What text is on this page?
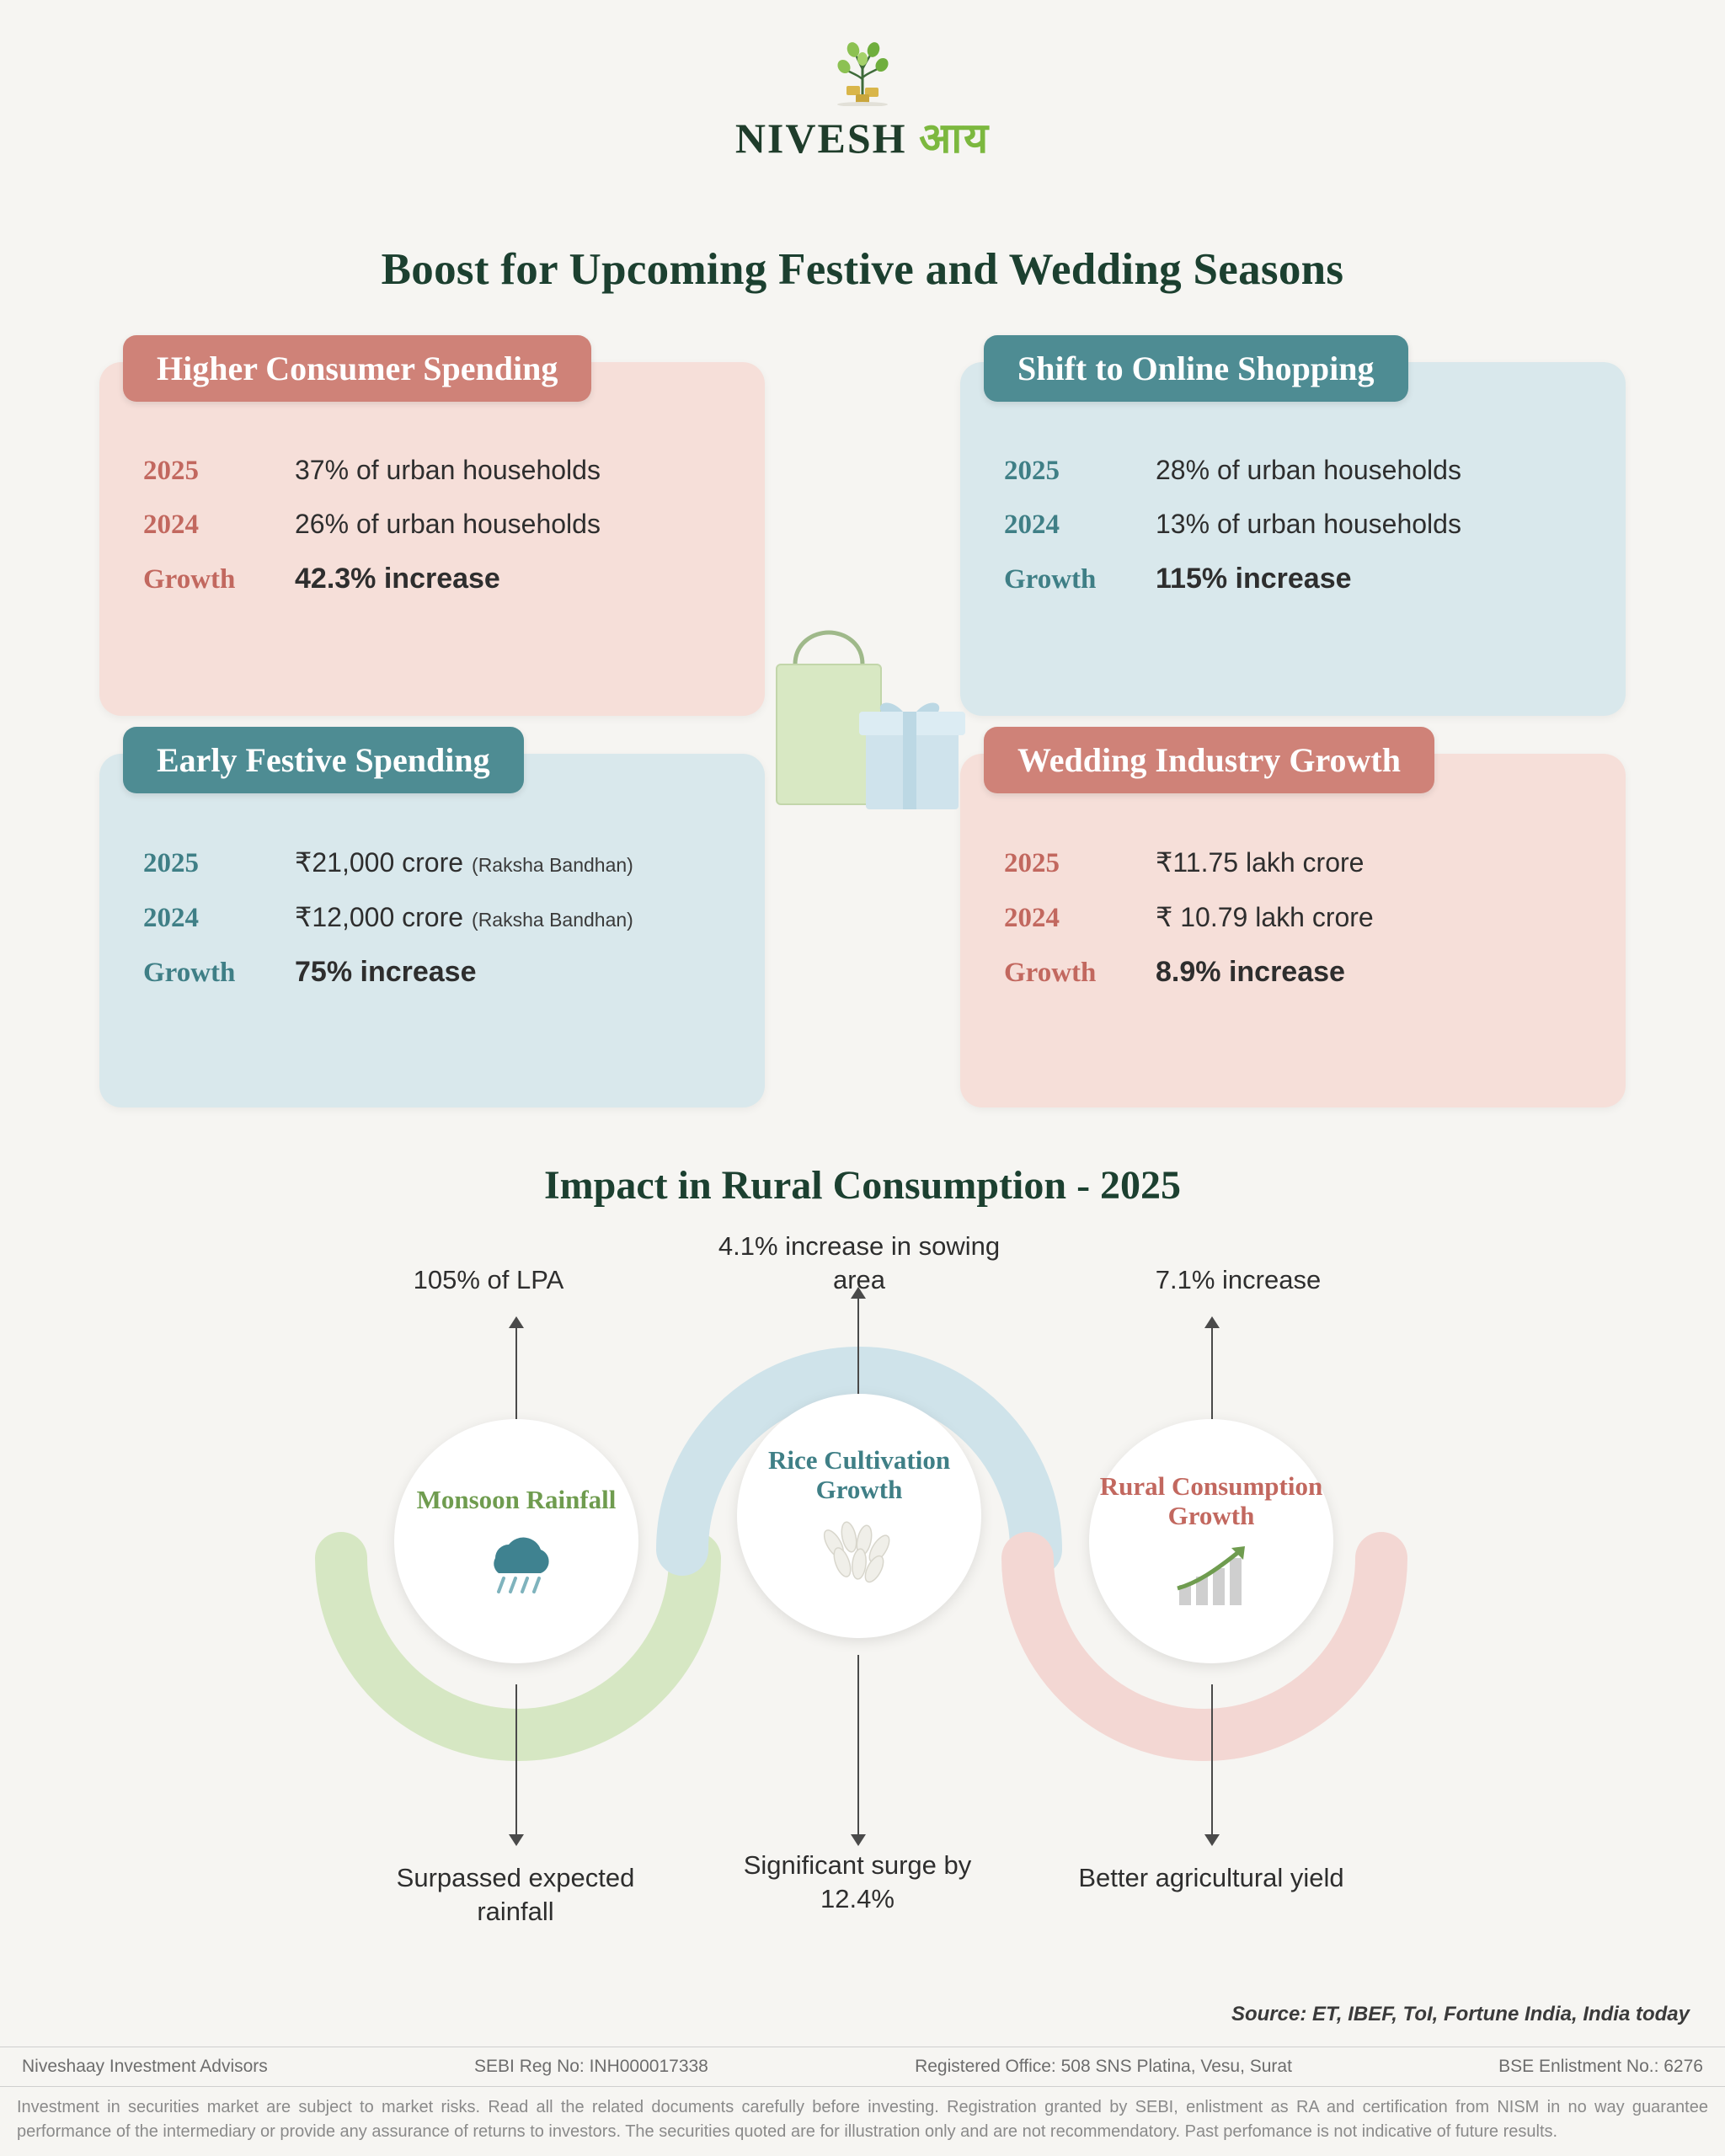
NIVESH आय
Boost for Upcoming Festive and Wedding Seasons
Higher Consumer Spending
2025	37% of urban households
2024	26% of urban households
Growth	42.3% increase
Shift to Online Shopping
2025	28% of urban households
2024	13% of urban households
Growth	115% increase
Early Festive Spending
2025	₹21,000 crore (Raksha Bandhan)
2024	₹12,000 crore (Raksha Bandhan)
Growth	75% increase
Wedding Industry Growth
2025	₹11.75 lakh crore
2024	₹ 10.79 lakh crore
Growth	8.9% increase
Impact in Rural Consumption - 2025
105% of LPA
4.1% increase in sowing area	7.1% increase
Monsoon Rainfall
Rice Cultivation Growth	Rural Consumption Growth
Surpassed expected rainfall
Significant surge by 12.4%
Better agricultural yield
Source: ET, IBEF, ToI, Fortune India, India today
Niveshaay Investment Advisors	SEBI Reg No: INH000017338	Registered Office: 508 SNS Platina, Vesu, Surat	BSE Enlistment No.: 6276
Investment in securities market are subject to market risks. Read all the related documents carefully before investing. Registration granted by SEBI, enlistment as RA and certification from NISM in no way guarantee performance of the intermediary or provide any assurance of returns to investors. The securities quoted are for illustration only and are not recommendatory. Past perfomance is not indicative of future results.
